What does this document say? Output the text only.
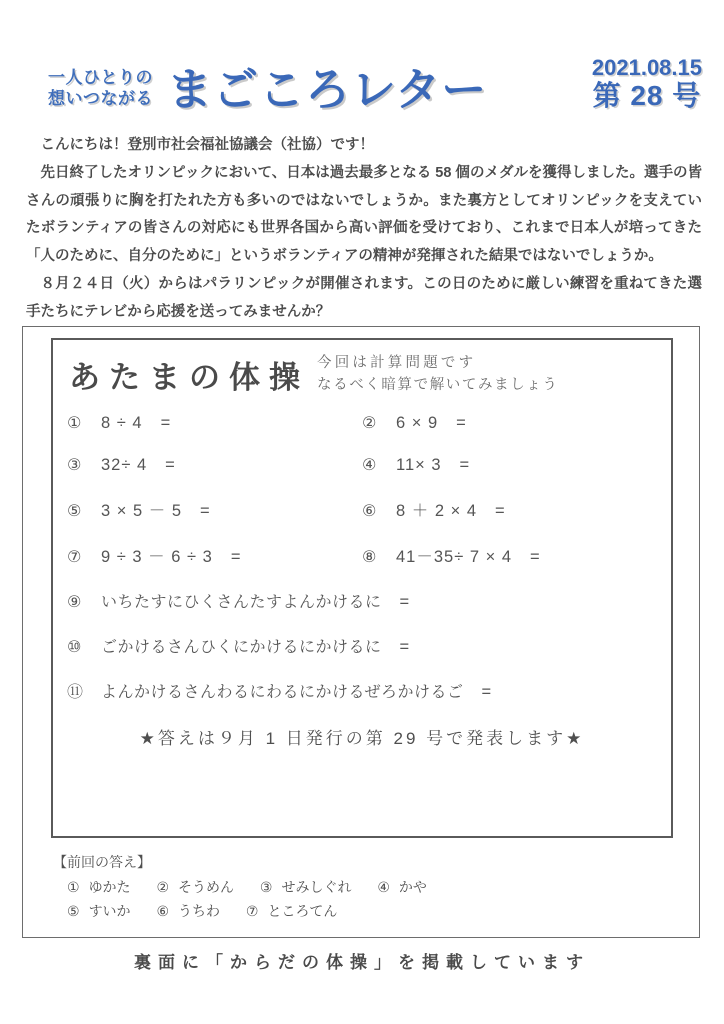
一人ひとりの
想いつながる まごころレター	2021.08.15
第 28 号

こんにちは！登別市社会福祉協議会（社協）です！

先日終了したオリンピックにおいて、日本は過去最多となる 58 個のメダルを獲得しました。選手の皆さんの頑張りに胸を打たれた方も多いのではないでしょうか。また裏方としてオリンピックを支えていたボランティアの皆さんの対応にも世界各国から高い評価を受けており、これまで日本人が培ってきた「人のために、自分のために」というボランティアの精神が発揮された結果ではないでしょうか。

８月２４日（火）からはパラリンピックが開催されます。この日のために厳しい練習を重ねてきた選手たちにテレビから応援を送ってみませんか？

あたまの体操 今回は計算問題です
なるべく暗算で解いてみましょう
①	8 ÷ 4 =	②	6 × 9 =
③	32÷ 4 =	④	11× 3 =
⑤	3 × 5 － 5 =	⑥	8 ＋ 2 × 4 =
⑦	9 ÷ 3 － 6 ÷ 3 =	⑧	41－35÷ 7 × 4 =
⑨	いちたすにひくさんたすよんかけるに =
⑩	ごかけるさんひくにかけるにかけるに =
⑪	よんかけるさんわるにわるにかけるぜろかけるご =
★答えは９月 1 日発行の第 29 号で発表します★
【前回の答え】
① ゆかた ② そうめん ③ せみしぐれ ④ かや
⑤ すいか ⑥ うちわ ⑦ ところてん
裏面に「からだの体操」を掲載しています
